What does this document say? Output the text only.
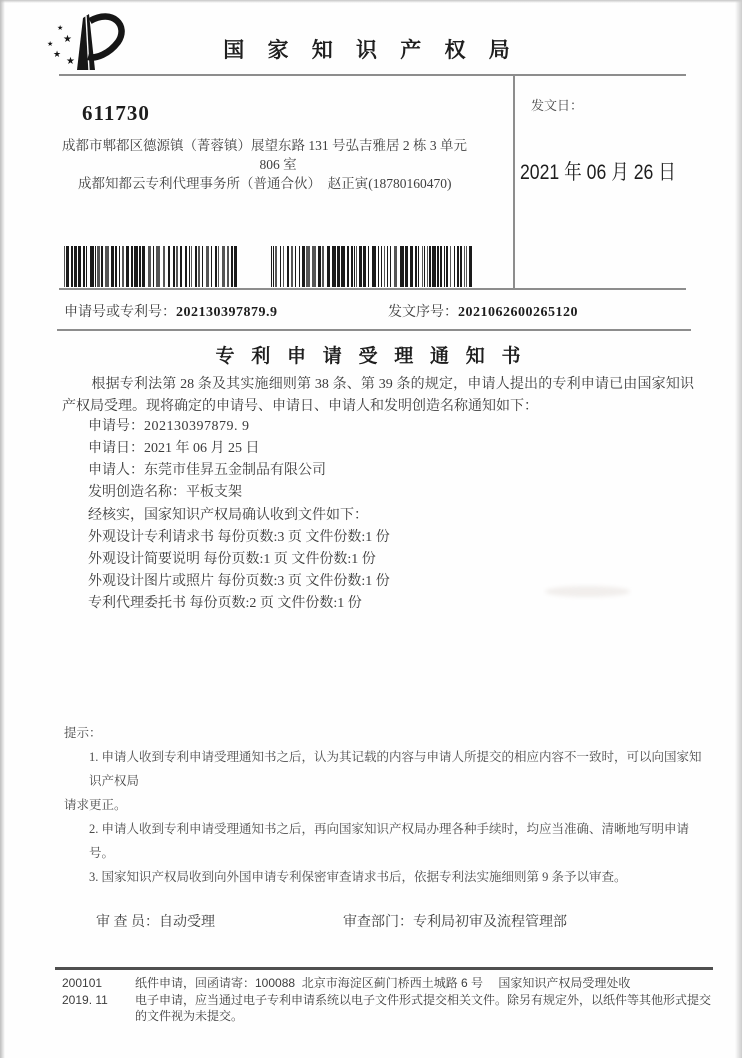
★
★
★
★
★	国 家 知 识 产 权 局
发文日：
2021 年 06 月 26 日
611730
成都市郫都区德源镇（菁蓉镇）展望东路 131 号弘吉雅居 2 栋 3 单元
806 室
成都知都云专利代理事务所（普通合伙）  赵正寅(18780160470)
申请号或专利号：202130397879.9	发文序号：2021062600265120
专 利 申 请 受 理 通 知 书
根据专利法第 28 条及其实施细则第 38 条、第 39 条的规定，申请人提出的专利申请已由国家知识产权局受理。现将确定的申请号、申请日、申请人和发明创造名称通知如下：
申请号：202130397879. 9
申请日：2021 年 06 月 25 日
申请人：东莞市佳昇五金制品有限公司
发明创造名称：平板支架
经核实，国家知识产权局确认收到文件如下：
外观设计专利请求书 每份页数:3 页 文件份数:1 份
外观设计简要说明 每份页数:1 页 文件份数:1 份
外观设计图片或照片 每份页数:3 页 文件份数:1 份
专利代理委托书 每份页数:2 页 文件份数:1 份
提示：
1. 申请人收到专利申请受理通知书之后，认为其记载的内容与申请人所提交的相应内容不一致时，可以向国家知识产权局
请求更正。
2. 申请人收到专利申请受理通知书之后，再向国家知识产权局办理各种手续时，均应当准确、清晰地写明申请号。
3. 国家知识产权局收到向外国申请专利保密审查请求书后，依据专利法实施细则第 9 条予以审查。
审 查 员：自动受理	审查部门：专利局初审及流程管理部
200101	纸件申请，回函请寄：100088  北京市海淀区蓟门桥西土城路 6 号　 国家知识产权局受理处收
2019. 11	电子申请，应当通过电子专利申请系统以电子文件形式提交相关文件。除另有规定外，以纸件等其他形式提交的文件视为未提交。
